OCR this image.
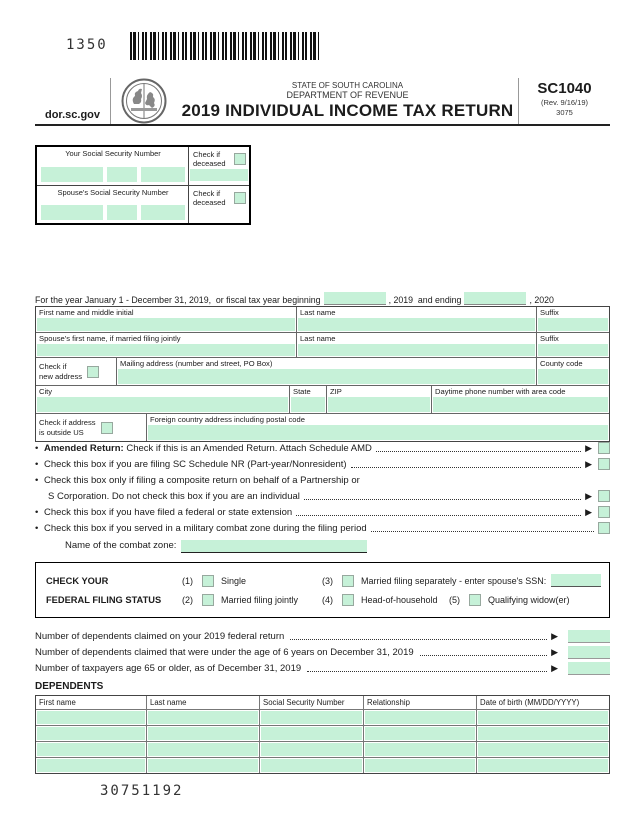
1350
dor.sc.gov
STATE OF SOUTH CAROLINA
DEPARTMENT OF REVENUE
2019 INDIVIDUAL INCOME TAX RETURN
SC1040
(Rev. 9/16/19)
3075
Your Social Security Number	Check if
deceased
Spouse's Social Security Number	Check if
deceased
For the year January 1 - December 31, 2019,  or fiscal tax year beginning	, 2019  and ending	, 2020
First name and middle initial	Last name	Suffix
Spouse's first name, if married filing jointly	Last name	Suffix
Check if
new address
Mailing address (number and street, PO Box)	County code
City	State	ZIP	Daytime phone number with area code
Check if address
is outside US
Foreign country address including postal code
• Amended Return: Check if this is an Amended Return. Attach Schedule AMD	▶
• Check this box if you are filing SC Schedule NR (Part-year/Nonresident)	▶
• Check this box only if filing a composite return on behalf of a Partnership or
S Corporation. Do not check this box if you are an individual	▶
• Check this box if you have filed a federal or state extension	▶
• Check this box if you served in a military combat zone during the filing period
Name of the combat zone:
CHECK YOUR	(1)	Single	(3)	Married filing separately - enter spouse's SSN:
FEDERAL FILING STATUS	(2)	Married filing jointly	(4)	Head-of-household	(5)	Qualifying widow(er)
Number of dependents claimed on your 2019 federal return	▶
Number of dependents claimed that were under the age of 6 years on December 31, 2019	▶
Number of taxpayers age 65 or older, as of December 31, 2019	▶
DEPENDENTS
First name	Last name	Social Security Number	Relationship	Date of birth (MM/DD/YYYY)
30751192
